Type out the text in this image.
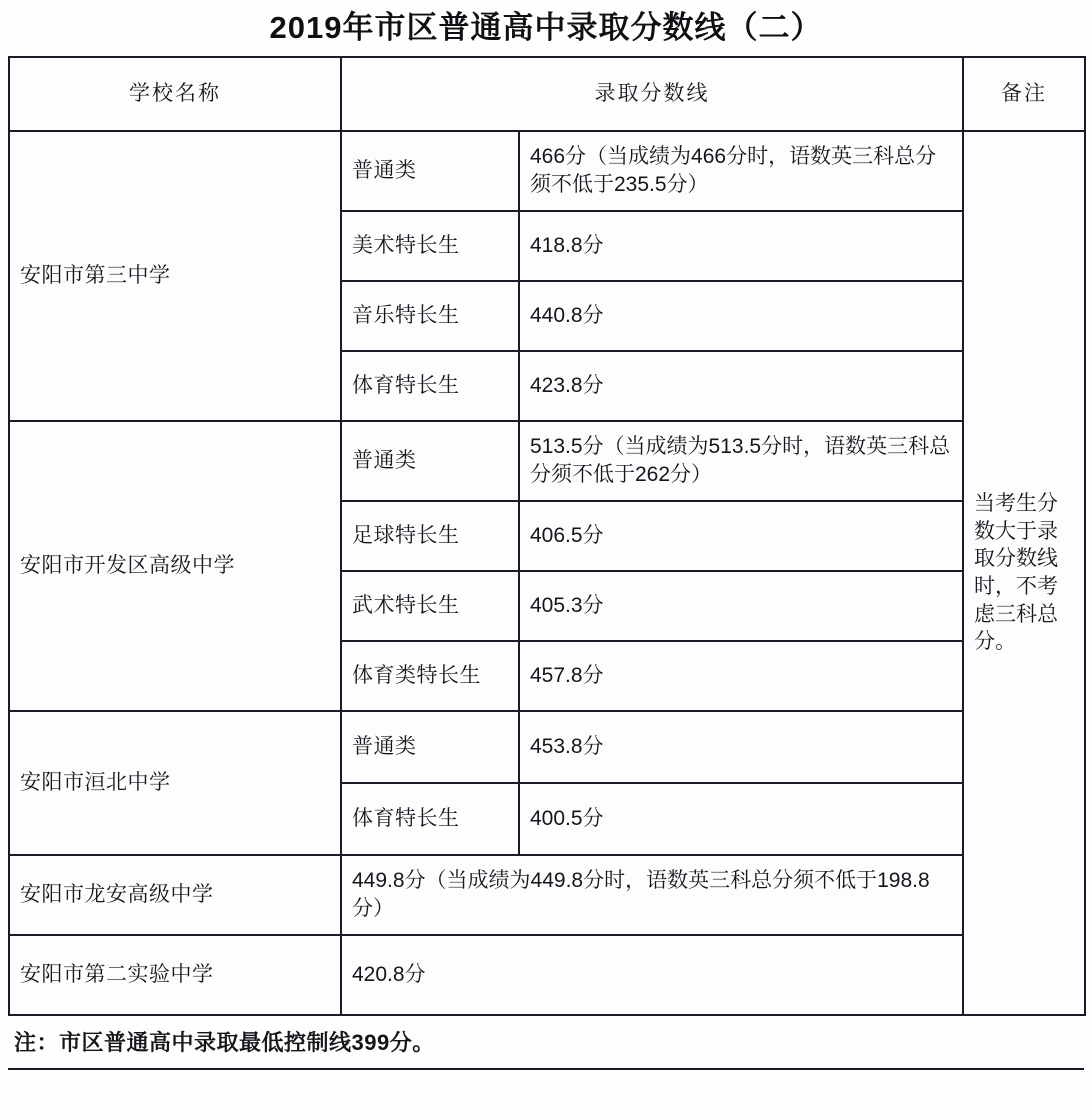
2019年市区普通高中录取分数线（二）
学校名称	录取分数线		备注
安阳市第三中学	普通类	466分（当成绩为466分时，语数英三科总分须不低于235.5分）	当考生分数大于录取分数线时，不考虑三科总分。
	美术特长生	418.8分	
	音乐特长生	440.8分	
	体育特长生	423.8分	
安阳市开发区高级中学	普通类	513.5分（当成绩为513.5分时，语数英三科总分须不低于262分）	
	足球特长生	406.5分	
	武术特长生	405.3分	
	体育类特长生	457.8分	
安阳市洹北中学	普通类	453.8分	
	体育特长生	400.5分	
安阳市龙安高级中学	449.8分（当成绩为449.8分时，语数英三科总分须不低于198.8分）		
安阳市第二实验中学	420.8分		
注：市区普通高中录取最低控制线399分。
